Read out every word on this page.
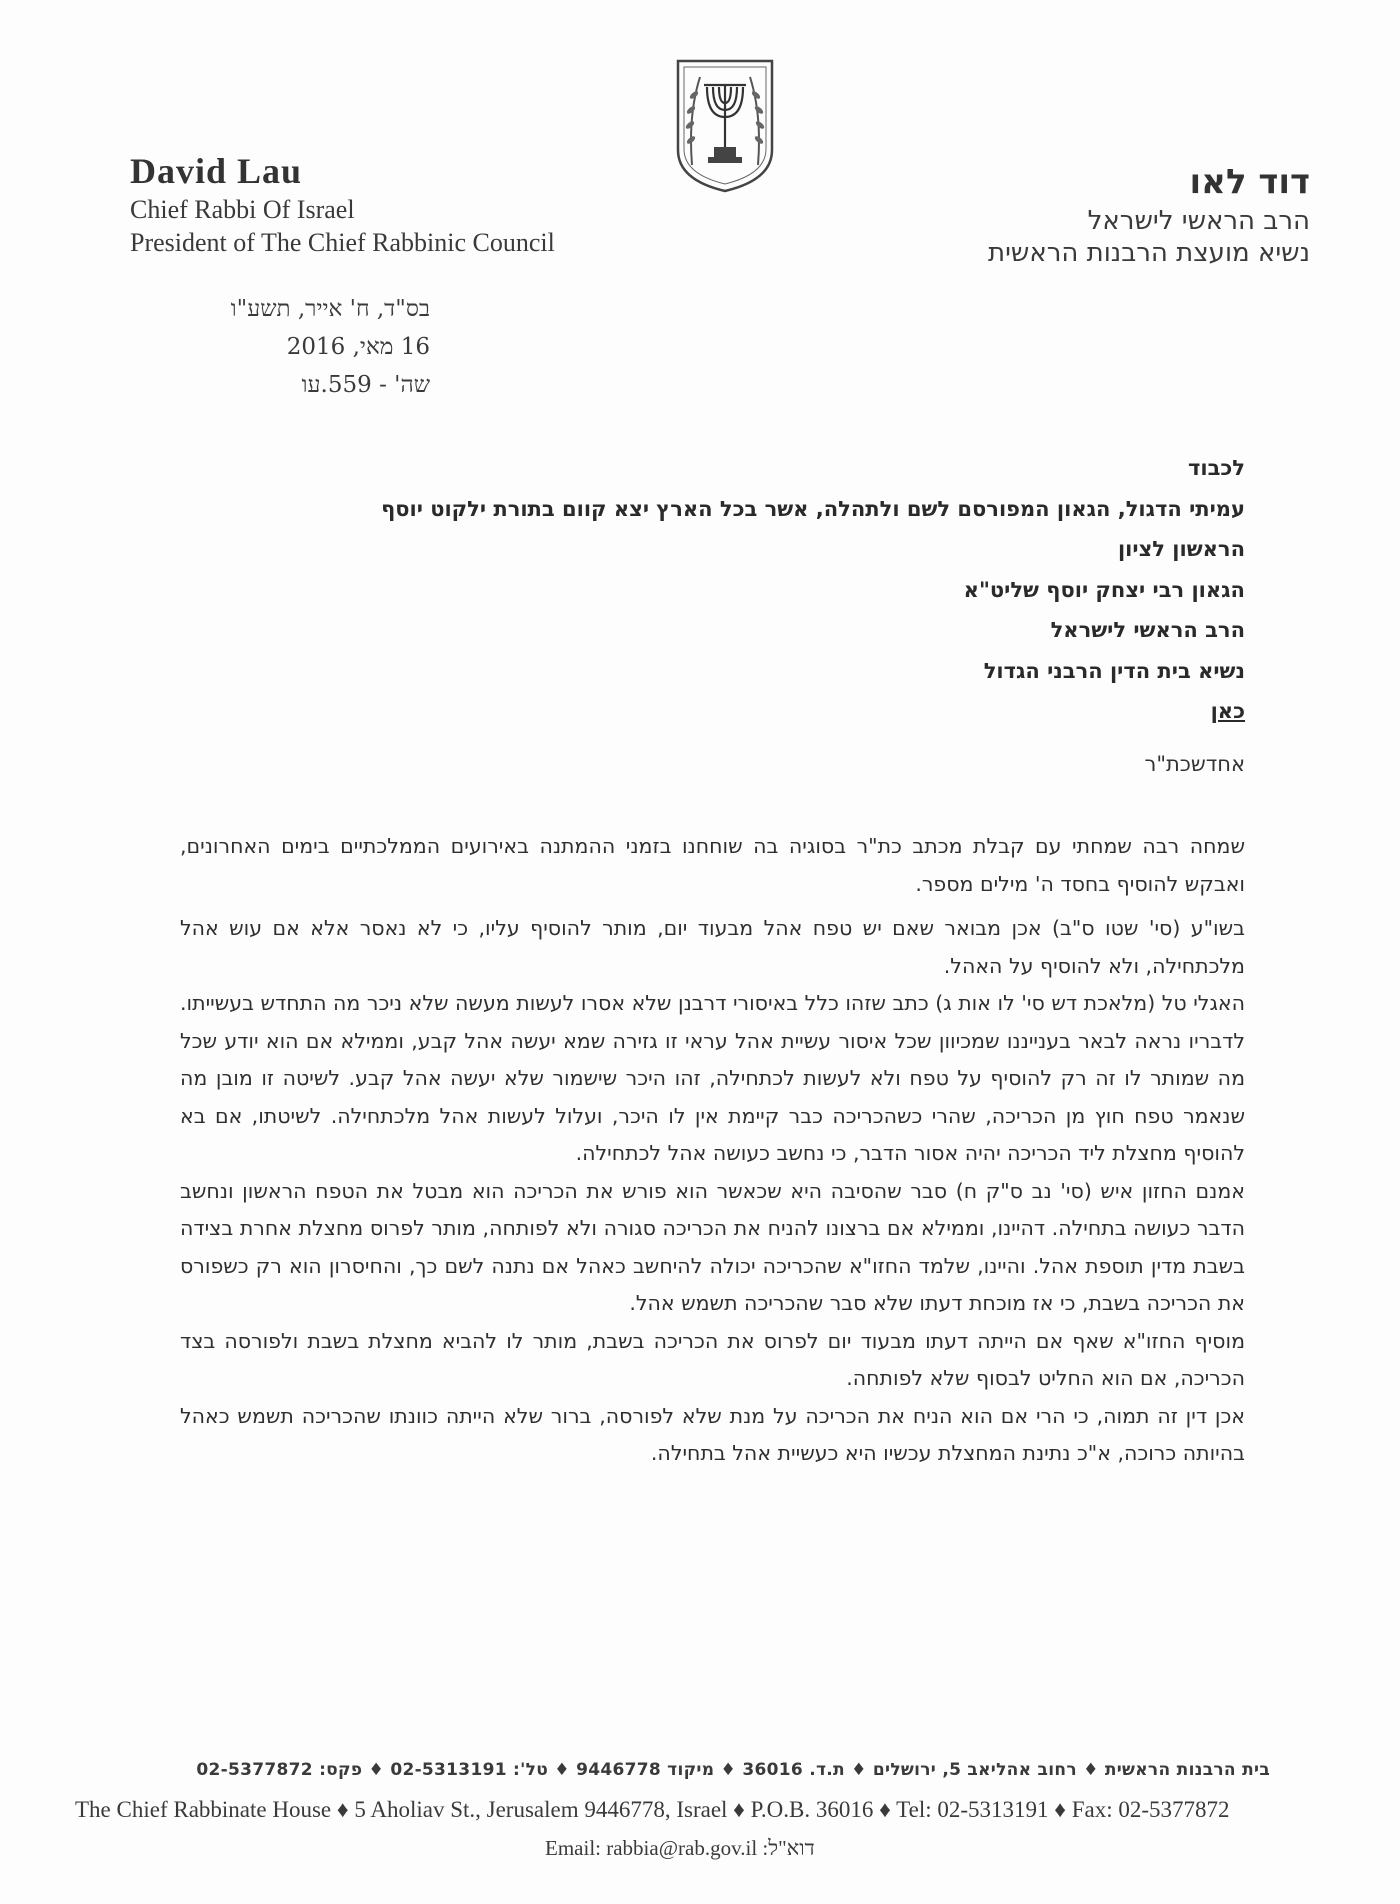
David Lau
Chief Rabbi Of Israel
President of The Chief Rabbinic Council
דוד לאו
הרב הראשי לישראל
נשיא מועצת הרבנות הראשית
בס"ד, ח' אייר, תשע"ו
16 מאי, 2016
שה' - 559.עו
לכבוד
עמיתי הדגול, הגאון המפורסם לשם ולתהלה, אשר בכל הארץ יצא קוום בתורת ילקוט יוסף
הראשון לציון
הגאון רבי יצחק יוסף שליט"א
הרב הראשי לישראל
נשיא בית הדין הרבני הגדול
כאן
אחדשכת"ר

שמחה רבה שמחתי עם קבלת מכתב כת"ר בסוגיה בה שוחחנו בזמני ההמתנה באירועים הממלכתיים בימים האחרונים, ואבקש להוסיף בחסד ה' מילים מספר.

בשו"ע (סי' שטו ס"ב) אכן מבואר שאם יש טפח אהל מבעוד יום, מותר להוסיף עליו, כי לא נאסר אלא אם עוש אהל מלכתחילה, ולא להוסיף על האהל.

האגלי טל (מלאכת דש סי' לו אות ג) כתב שזהו כלל באיסורי דרבנן שלא אסרו לעשות מעשה שלא ניכר מה התחדש בעשייתו. לדבריו נראה לבאר בענייננו שמכיוון שכל איסור עשיית אהל עראי זו גזירה שמא יעשה אהל קבע, וממילא אם הוא יודע שכל מה שמותר לו זה רק להוסיף על טפח ולא לעשות לכתחילה, זהו היכר שישמור שלא יעשה אהל קבע. לשיטה זו מובן מה שנאמר טפח חוץ מן הכריכה, שהרי כשהכריכה כבר קיימת אין לו היכר, ועלול לעשות אהל מלכתחילה. לשיטתו, אם בא להוסיף מחצלת ליד הכריכה יהיה אסור הדבר, כי נחשב כעושה אהל לכתחילה.

אמנם החזון איש (סי' נב ס"ק ח) סבר שהסיבה היא שכאשר הוא פורש את הכריכה הוא מבטל את הטפח הראשון ונחשב הדבר כעושה בתחילה. דהיינו, וממילא אם ברצונו להניח את הכריכה סגורה ולא לפותחה, מותר לפרוס מחצלת אחרת בצידה בשבת מדין תוספת אהל. והיינו, שלמד החזו"א שהכריכה יכולה להיחשב כאהל אם נתנה לשם כך, והחיסרון הוא רק כשפורס את הכריכה בשבת, כי אז מוכחת דעתו שלא סבר שהכריכה תשמש אהל.

מוסיף החזו"א שאף אם הייתה דעתו מבעוד יום לפרוס את הכריכה בשבת, מותר לו להביא מחצלת בשבת ולפורסה בצד הכריכה, אם הוא החליט לבסוף שלא לפותחה.

אכן דין זה תמוה, כי הרי אם הוא הניח את הכריכה על מנת שלא לפורסה, ברור שלא הייתה כוונתו שהכריכה תשמש כאהל בהיותה כרוכה, א"כ נתינת המחצלת עכשיו היא כעשיית אהל בתחילה.

בית הרבנות הראשית ♦ רחוב אהליאב 5, ירושלים ♦ ת.ד. 36016 ♦ מיקוד 9446778 ♦ טל': 02-5313191 ♦ פקס: 02-5377872
The Chief Rabbinate House ♦ 5 Aholiav St., Jerusalem 9446778, Israel ♦ P.O.B. 36016 ♦ Tel: 02-5313191 ♦ Fax: 02-5377872
Email: rabbia@rab.gov.il :דוא"ל
